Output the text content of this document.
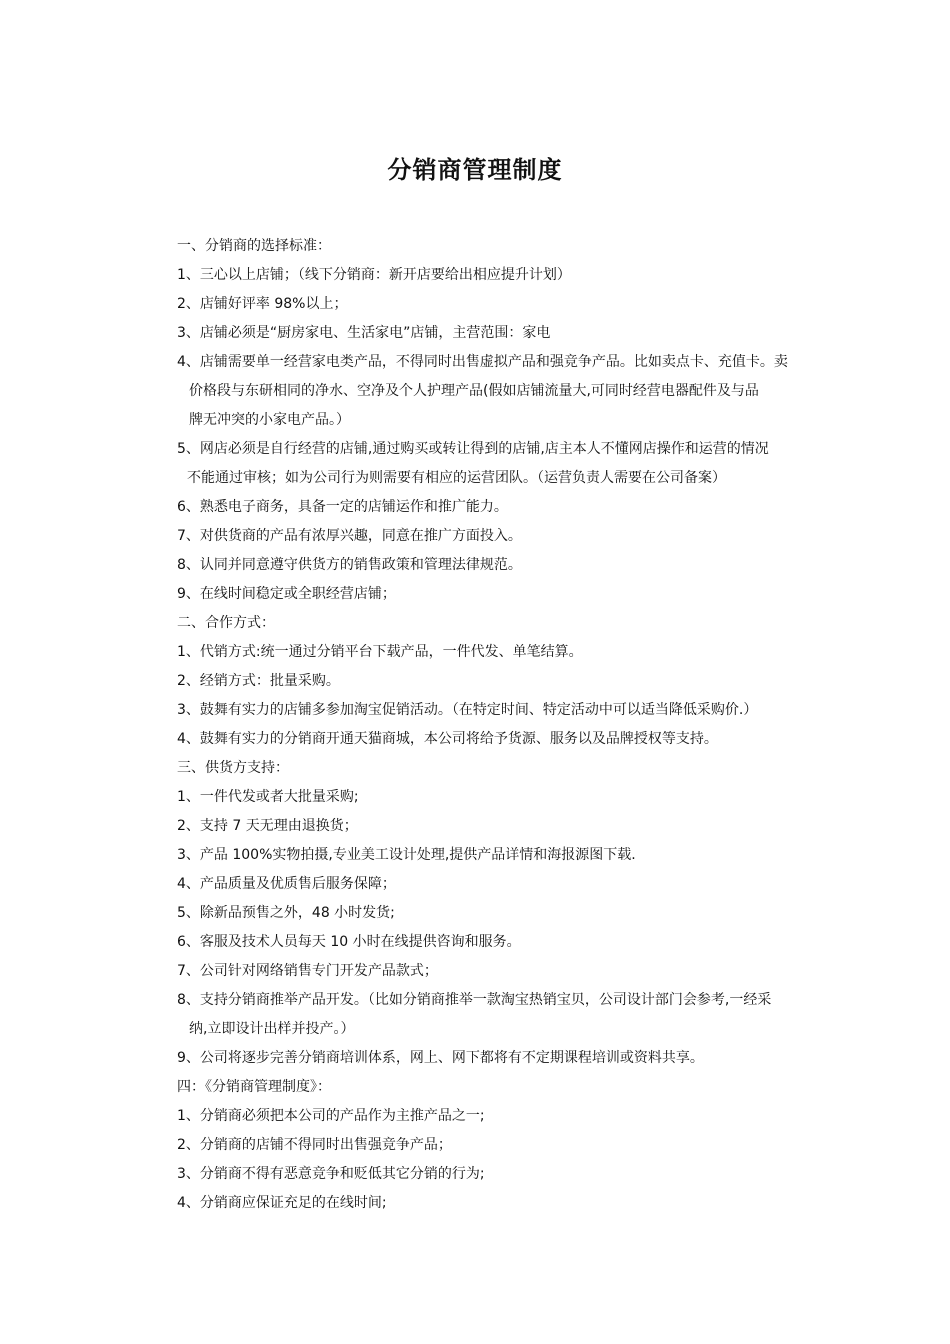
分销商管理制度

一、分销商的选择标准：

1、三心以上店铺；（线下分销商：新开店要给出相应提升计划）

2、店铺好评率 98%以上；

3、店铺必须是“厨房家电、生活家电”店铺，主营范围：家电

4、店铺需要单一经营家电类产品，不得同时出售虚拟产品和强竞争产品。比如卖点卡、充值卡。卖

价格段与东研相同的净水、空净及个人护理产品(假如店铺流量大,可同时经营电器配件及与品

牌无冲突的小家电产品。）

5、网店必须是自行经营的店铺,通过购买或转让得到的店铺,店主本人不懂网店操作和运营的情况

不能通过审核；如为公司行为则需要有相应的运营团队。（运营负责人需要在公司备案）

6、熟悉电子商务，具备一定的店铺运作和推广能力。

7、对供货商的产品有浓厚兴趣，同意在推广方面投入。

8、认同并同意遵守供货方的销售政策和管理法律规范。

9、在线时间稳定或全职经营店铺；

二、合作方式：

1、代销方式:统一通过分销平台下载产品，一件代发、单笔结算。

2、经销方式：批量采购。

3、鼓舞有实力的店铺多参加淘宝促销活动。（在特定时间、特定活动中可以适当降低采购价.）

4、鼓舞有实力的分销商开通天猫商城，本公司将给予货源、服务以及品牌授权等支持。

三、供货方支持：

1、一件代发或者大批量采购;

2、支持 7 天无理由退换货；

3、产品 100%实物拍摄,专业美工设计处理,提供产品详情和海报源图下载.

4、产品质量及优质售后服务保障；

5、除新品预售之外，48 小时发货;

6、客服及技术人员每天 10 小时在线提供咨询和服务。

7、公司针对网络销售专门开发产品款式；

8、支持分销商推举产品开发。（比如分销商推举一款淘宝热销宝贝，公司设计部门会参考,一经采

纳,立即设计出样并投产。）

9、公司将逐步完善分销商培训体系，网上、网下都将有不定期课程培训或资料共享。

四：《分销商管理制度》：

1、分销商必须把本公司的产品作为主推产品之一;

2、分销商的店铺不得同时出售强竞争产品；

3、分销商不得有恶意竞争和贬低其它分销的行为;

4、分销商应保证充足的在线时间;
